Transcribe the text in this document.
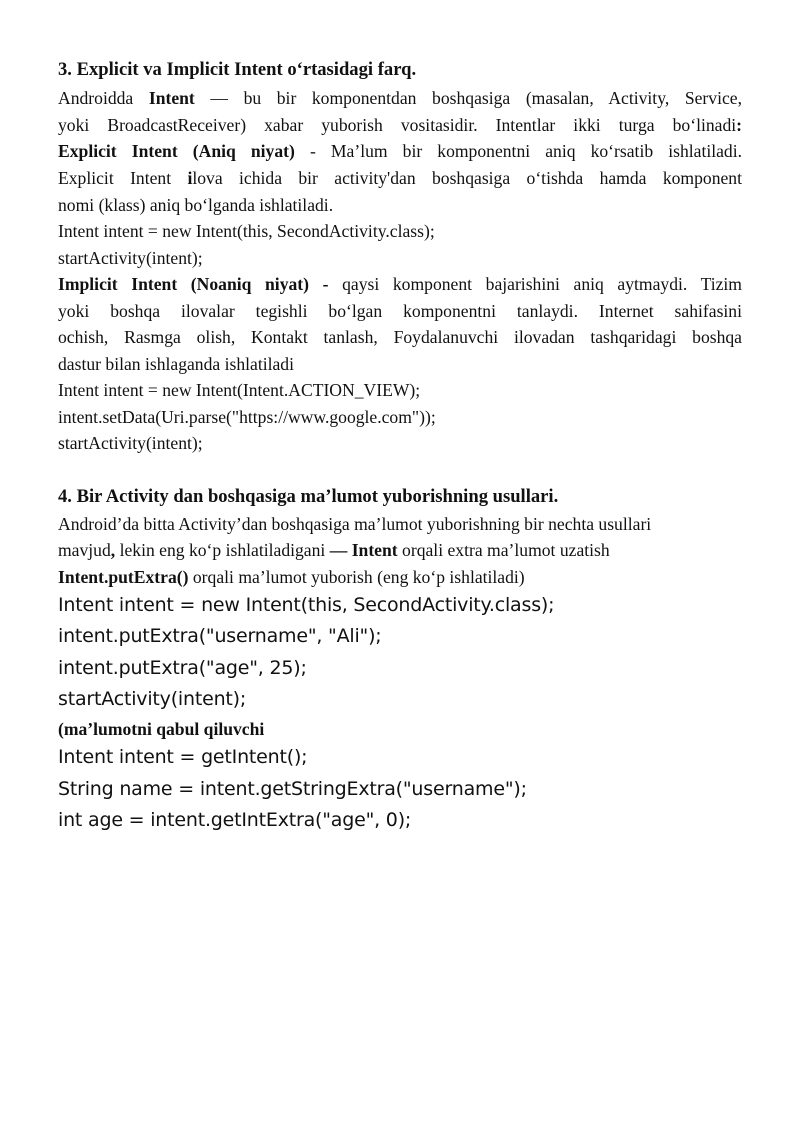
3. Explicit va Implicit Intent o‘rtasidagi farq.
Androidda Intent — bu bir komponentdan boshqasiga (masalan, Activity, Service,
yoki BroadcastReceiver) xabar yuborish vositasidir. Intentlar ikki turga bo‘linadi:
Explicit Intent (Aniq niyat) - Ma’lum bir komponentni aniq ko‘rsatib ishlatiladi.
Explicit Intent ilova ichida bir activity'dan boshqasiga o‘tishda hamda komponent
nomi (klass) aniq bo‘lganda ishlatiladi.
Intent intent = new Intent(this, SecondActivity.class);
startActivity(intent);
Implicit Intent (Noaniq niyat) - qaysi komponent bajarishini aniq aytmaydi. Tizim
yoki boshqa ilovalar tegishli bo‘lgan komponentni tanlaydi. Internet sahifasini
ochish, Rasmga olish, Kontakt tanlash, Foydalanuvchi ilovadan tashqaridagi boshqa
dastur bilan ishlaganda ishlatiladi
Intent intent = new Intent(Intent.ACTION_VIEW);
intent.setData(Uri.parse("https://www.google.com"));
startActivity(intent);
4. Bir Activity dan boshqasiga ma’lumot yuborishning usullari.
Android’da bitta Activity’dan boshqasiga ma’lumot yuborishning bir nechta usullari
mavjud, lekin eng ko‘p ishlatiladigani — Intent orqali extra ma’lumot uzatish
Intent.putExtra() orqali ma’lumot yuborish (eng ko‘p ishlatiladi)
Intent intent = new Intent(this, SecondActivity.class);
intent.putExtra("username", "Ali");
intent.putExtra("age", 25);
startActivity(intent);
(ma’lumotni qabul qiluvchi
Intent intent = getIntent();
String name = intent.getStringExtra("username");
int age = intent.getIntExtra("age", 0);
